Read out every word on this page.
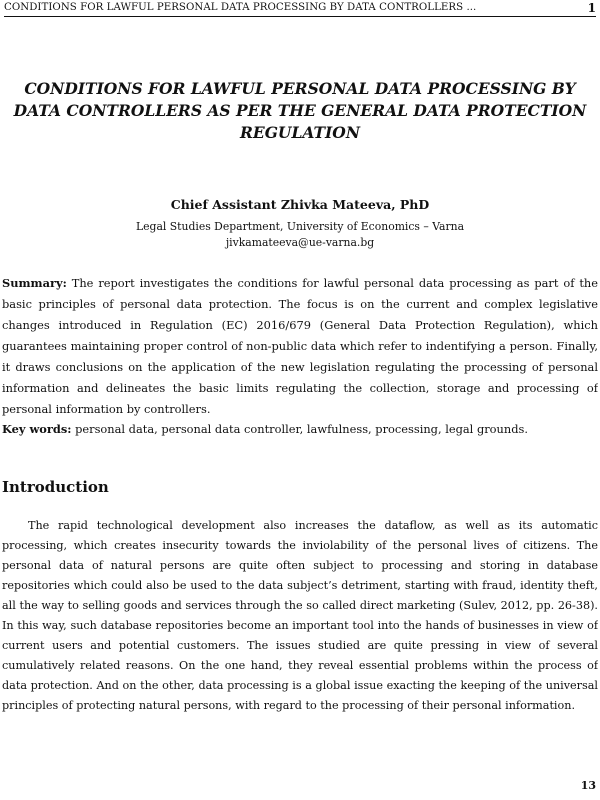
CONDITIONS FOR LAWFUL PERSONAL DATA PROCESSING BY DATA CONTROLLERS ...	1
CONDITIONS FOR LAWFUL PERSONAL DATA PROCESSING BY DATA CONTROLLERS AS PER THE GENERAL DATA PROTECTION REGULATION
Chief Assistant Zhivka Mateeva, PhD
Legal Studies Department, University of Economics – Varna
jivkamateeva@ue-varna.bg
Summary: The report investigates the conditions for lawful personal data processing as part of the basic principles of personal data protection. The focus is on the current and complex legislative changes introduced in Regulation (EC) 2016/679 (General Data Protection Regulation), which guarantees maintaining proper control of non-public data which refer to indentifying a person. Finally, it draws conclusions on the application of the new legislation regulating the processing of personal information and delineates the basic limits regulating the collection, storage and processing of personal information by controllers.
Key words: personal data, personal data controller, lawfulness, processing, legal grounds.
Introduction
The rapid technological development also increases the dataflow, as well as its automatic processing, which creates insecurity towards the inviolability of the personal lives of citizens. The personal data of natural persons are quite often subject to processing and storing in database repositories which could also be used to the data subject’s detriment, starting with fraud, identity theft, all the way to selling goods and services through the so called direct marketing (Sulev, 2012, pp. 26-38). In this way, such database repositories become an important tool into the hands of businesses in view of current users and potential customers. The issues studied are quite pressing in view of several cumulatively related reasons. On the one hand, they reveal essential problems within the process of data protection. And on the other, data processing is a global issue exacting the keeping of the universal principles of protecting natural persons, with regard to the processing of their personal information.
13
